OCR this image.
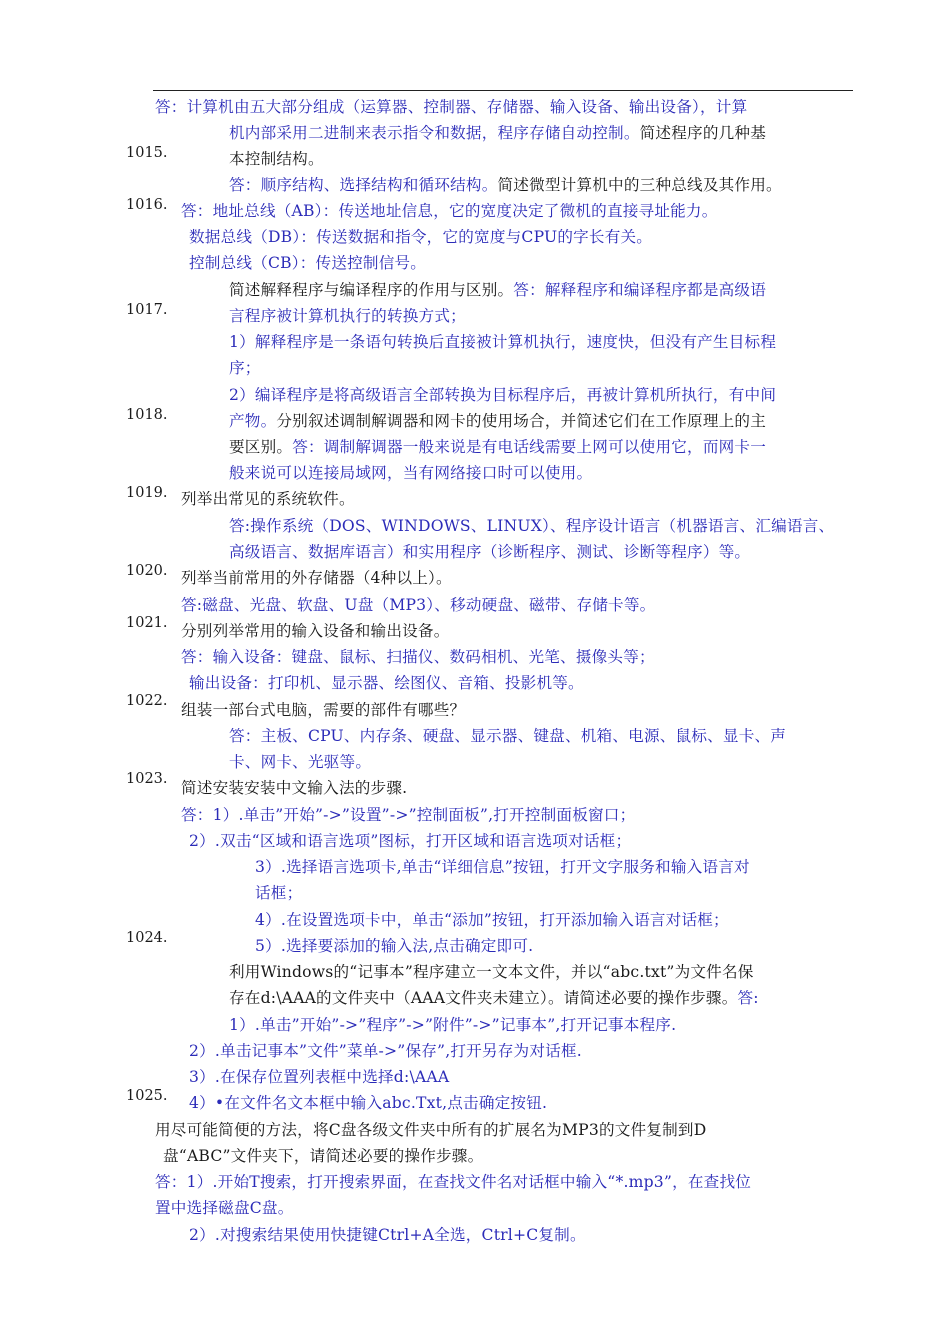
1015.
1016.
1017.
1018.
1019.
1020.
1021.
1022.
1023.
1024.
1025.
答：计算机由五大部分组成（运算器、控制器、存储器、输入设备、输出设备），计算
机内部采用二进制来表示指令和数据，程序存储自动控制。简述程序的几种基
本控制结构。
答：顺序结构、选择结构和循环结构。简述微型计算机中的三种总线及其作用。
答：地址总线（AB）：传送地址信息，它的宽度决定了微机的直接寻址能力。
数据总线（DB）：传送数据和指令，它的宽度与CPU的字长有关。
控制总线（CB）：传送控制信号。
简述解释程序与编译程序的作用与区别。答：解释程序和编译程序都是高级语
言程序被计算机执行的转换方式；
1）解释程序是一条语句转换后直接被计算机执行，速度快，但没有产生目标程
序；
2）编译程序是将高级语言全部转换为目标程序后，再被计算机所执行，有中间
产物。分别叙述调制解调器和网卡的使用场合，并简述它们在工作原理上的主
要区别。答：调制解调器一般来说是有电话线需要上网可以使用它，而网卡一
般来说可以连接局域网，当有网络接口时可以使用。
列举出常见的系统软件。
答:操作系统（DOS、WINDOWS、LINUX）、程序设计语言（机器语言、汇编语言、
高级语言、数据库语言）和实用程序（诊断程序、测试、诊断等程序）等。
列举当前常用的外存储器（4种以上）。
答:磁盘、光盘、软盘、U盘（MP3）、移动硬盘、磁带、存储卡等。
分别列举常用的输入设备和输出设备。
答：输入设备：键盘、鼠标、扫描仪、数码相机、光笔、摄像头等；
输出设备：打印机、显示器、绘图仪、音箱、投影机等。
组装一部台式电脑，需要的部件有哪些？
答：主板、CPU、内存条、硬盘、显示器、键盘、机箱、电源、鼠标、显卡、声
卡、网卡、光驱等。
简述安装安装中文输入法的步骤.
答：1）.单击”开始”->”设置”->”控制面板”,打开控制面板窗口；
2）.双击“区域和语言选项”图标，打开区域和语言选项对话框；
3）.选择语言选项卡,单击“详细信息”按钮，打开文字服务和输入语言对
话框；
4）.在设置选项卡中，单击“添加”按钮，打开添加输入语言对话框；
5）.选择要添加的输入法,点击确定即可.
利用Windows的“记事本”程序建立一文本文件，并以“abc.txt”为文件名保
存在d:\AAA的文件夹中（AAA文件夹未建立）。请简述必要的操作步骤。答:
1）.单击”开始”->”程序”->”附件”->”记事本”,打开记事本程序.
2）.单击记事本”文件”菜单->”保存”,打开另存为对话框.
3）.在保存位置列表框中选择d:\AAA
4）•在文件名文本框中输入abc.Txt,点击确定按钮.
用尽可能简便的方法，将C盘各级文件夹中所有的扩展名为MP3的文件复制到D
盘“ABC”文件夹下，请简述必要的操作步骤。
答：1）.开始T搜索，打开搜索界面，在查找文件名对话框中输入“*.mp3”，在查找位
置中选择磁盘C盘。
2）.对搜索结果使用快捷键Ctrl+A全选，Ctrl+C复制。
